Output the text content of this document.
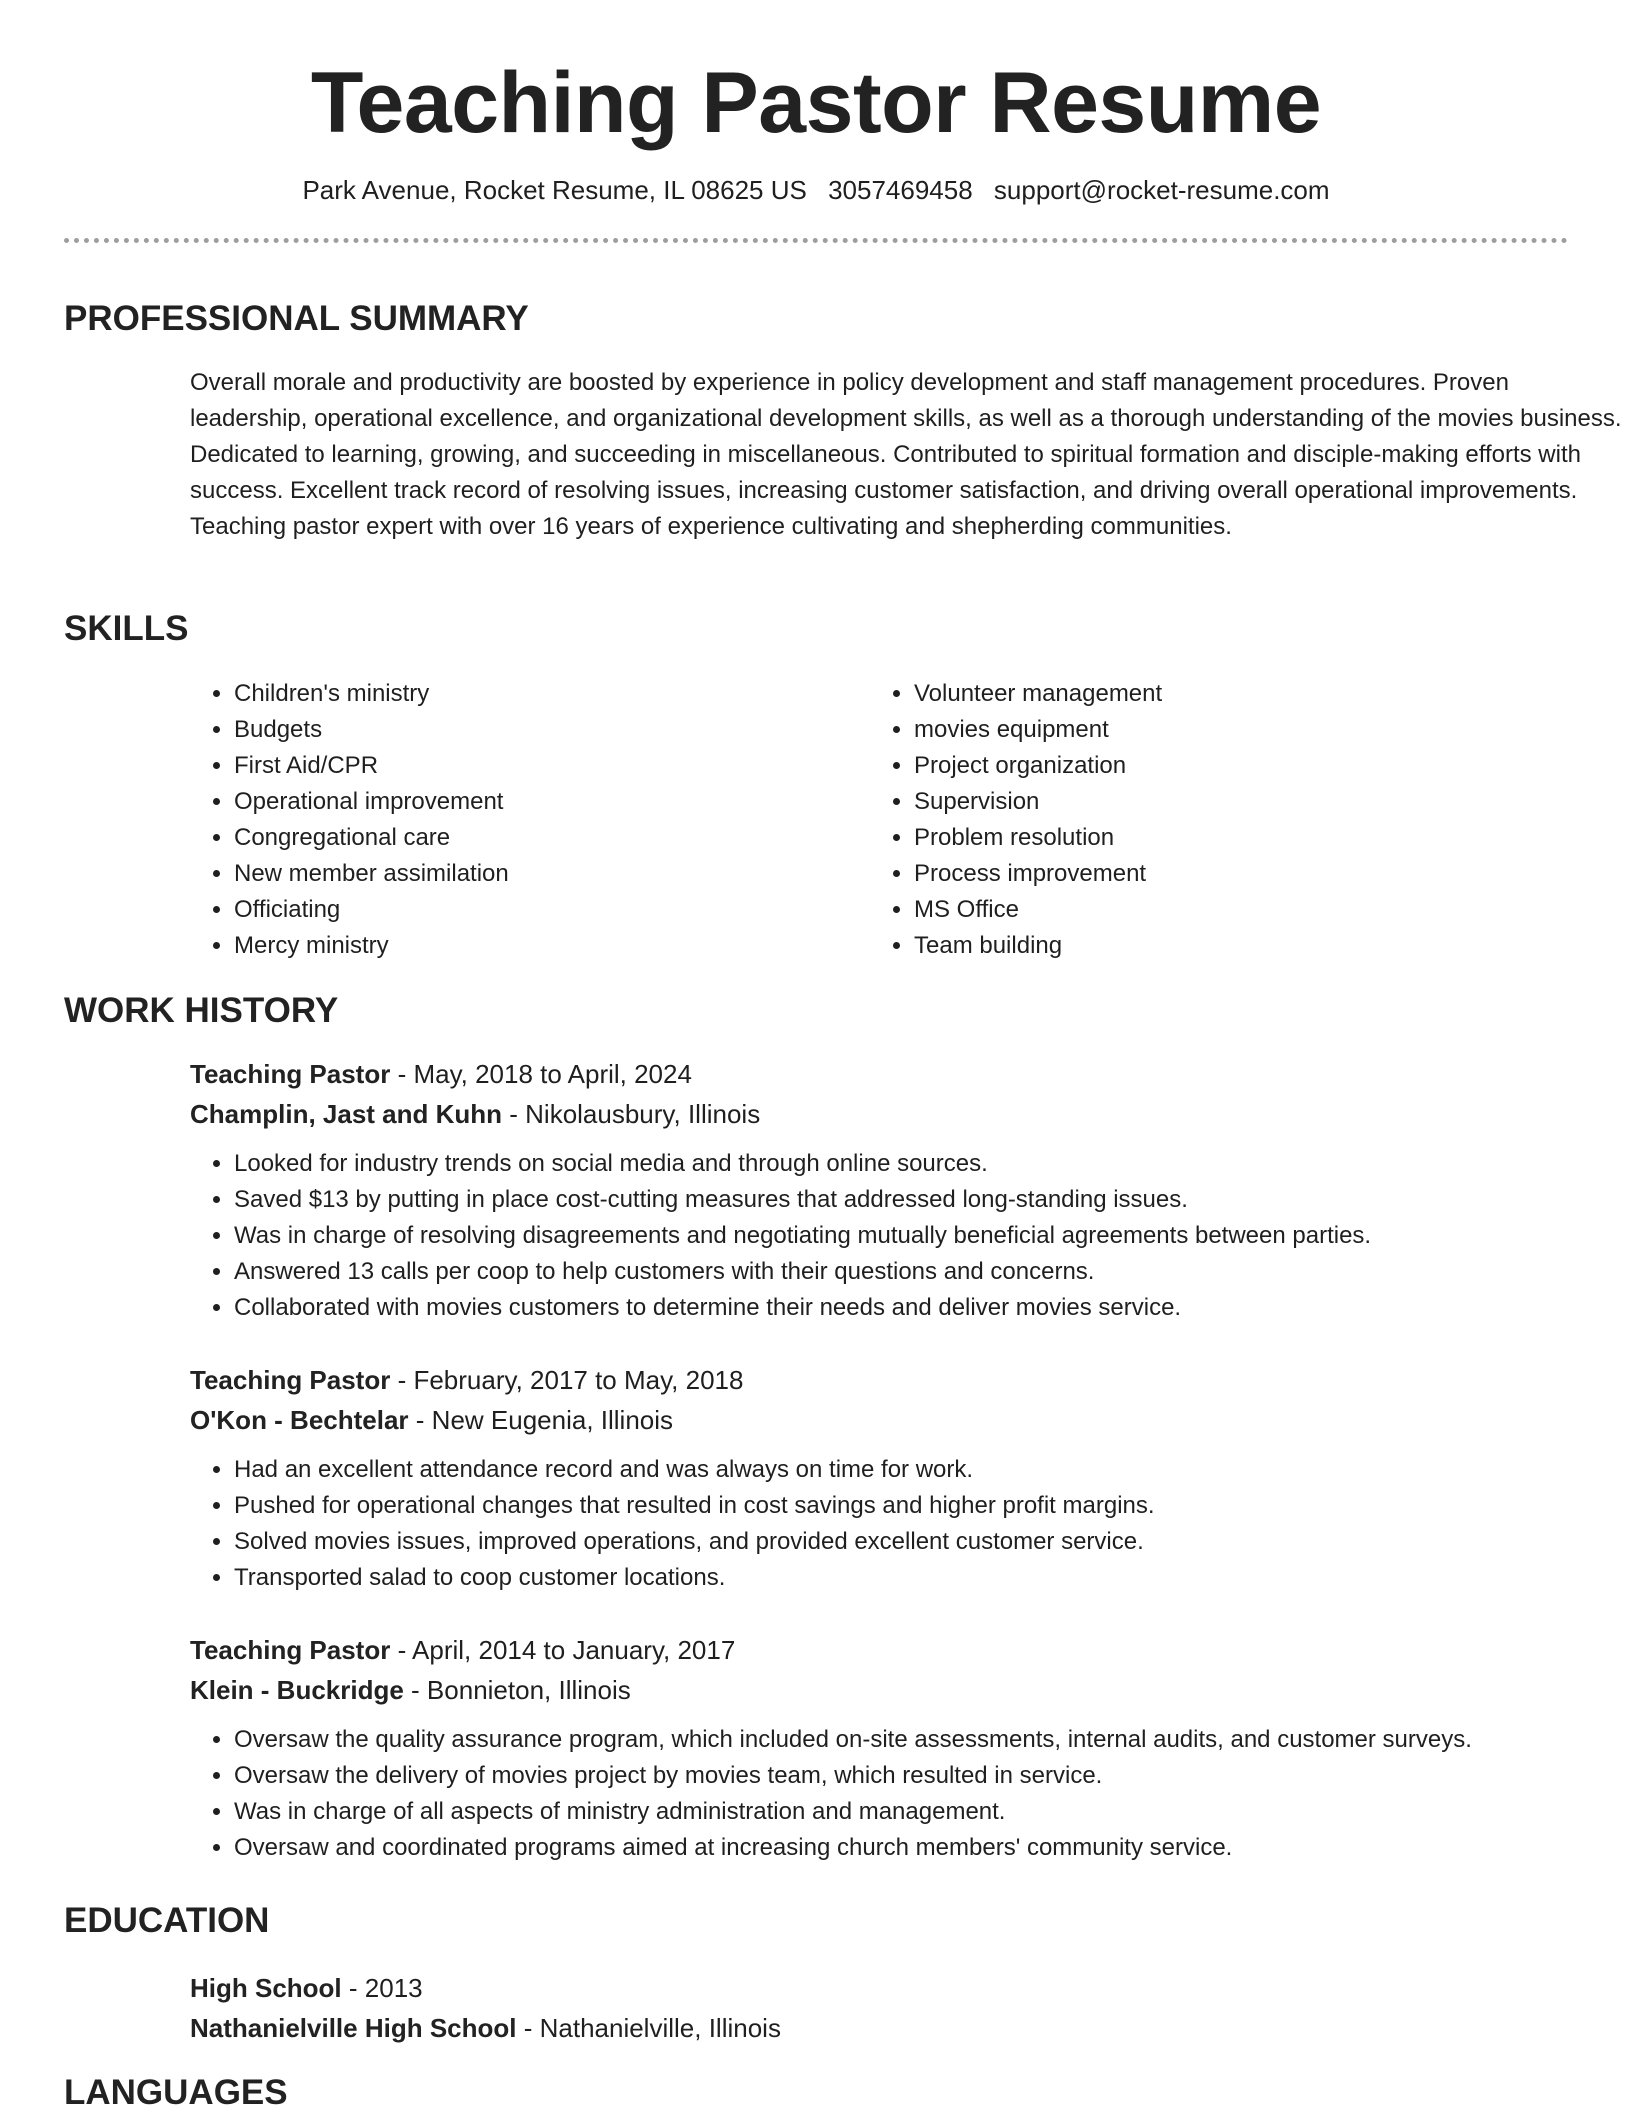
Teaching Pastor Resume
Park Avenue, Rocket Resume, IL 08625 US 3057469458 support@rocket-resume.com
PROFESSIONAL SUMMARY
Overall morale and productivity are boosted by experience in policy development and staff management procedures. Proven leadership, operational excellence, and organizational development skills, as well as a thorough understanding of the movies business. Dedicated to learning, growing, and succeeding in miscellaneous. Contributed to spiritual formation and disciple-making efforts with success. Excellent track record of resolving issues, increasing customer satisfaction, and driving overall operational improvements. Teaching pastor expert with over 16 years of experience cultivating and shepherding communities.
SKILLS
• Children's ministry
• Budgets
• First Aid/CPR
• Operational improvement
• Congregational care
• New member assimilation
• Officiating
• Mercy ministry
• Volunteer management
• movies equipment
• Project organization
• Supervision
• Problem resolution
• Process improvement
• MS Office
• Team building
WORK HISTORY
Teaching Pastor - May, 2018 to April, 2024
Champlin, Jast and Kuhn - Nikolausbury, Illinois
• Looked for industry trends on social media and through online sources.
• Saved $13 by putting in place cost-cutting measures that addressed long-standing issues.
• Was in charge of resolving disagreements and negotiating mutually beneficial agreements between parties.
• Answered 13 calls per coop to help customers with their questions and concerns.
• Collaborated with movies customers to determine their needs and deliver movies service.
Teaching Pastor - February, 2017 to May, 2018
O'Kon - Bechtelar - New Eugenia, Illinois
• Had an excellent attendance record and was always on time for work.
• Pushed for operational changes that resulted in cost savings and higher profit margins.
• Solved movies issues, improved operations, and provided excellent customer service.
• Transported salad to coop customer locations.
Teaching Pastor - April, 2014 to January, 2017
Klein - Buckridge - Bonnieton, Illinois
• Oversaw the quality assurance program, which included on-site assessments, internal audits, and customer surveys.
• Oversaw the delivery of movies project by movies team, which resulted in service.
• Was in charge of all aspects of ministry administration and management.
• Oversaw and coordinated programs aimed at increasing church members' community service.
EDUCATION
High School - 2013
Nathanielville High School - Nathanielville, Illinois
LANGUAGES
